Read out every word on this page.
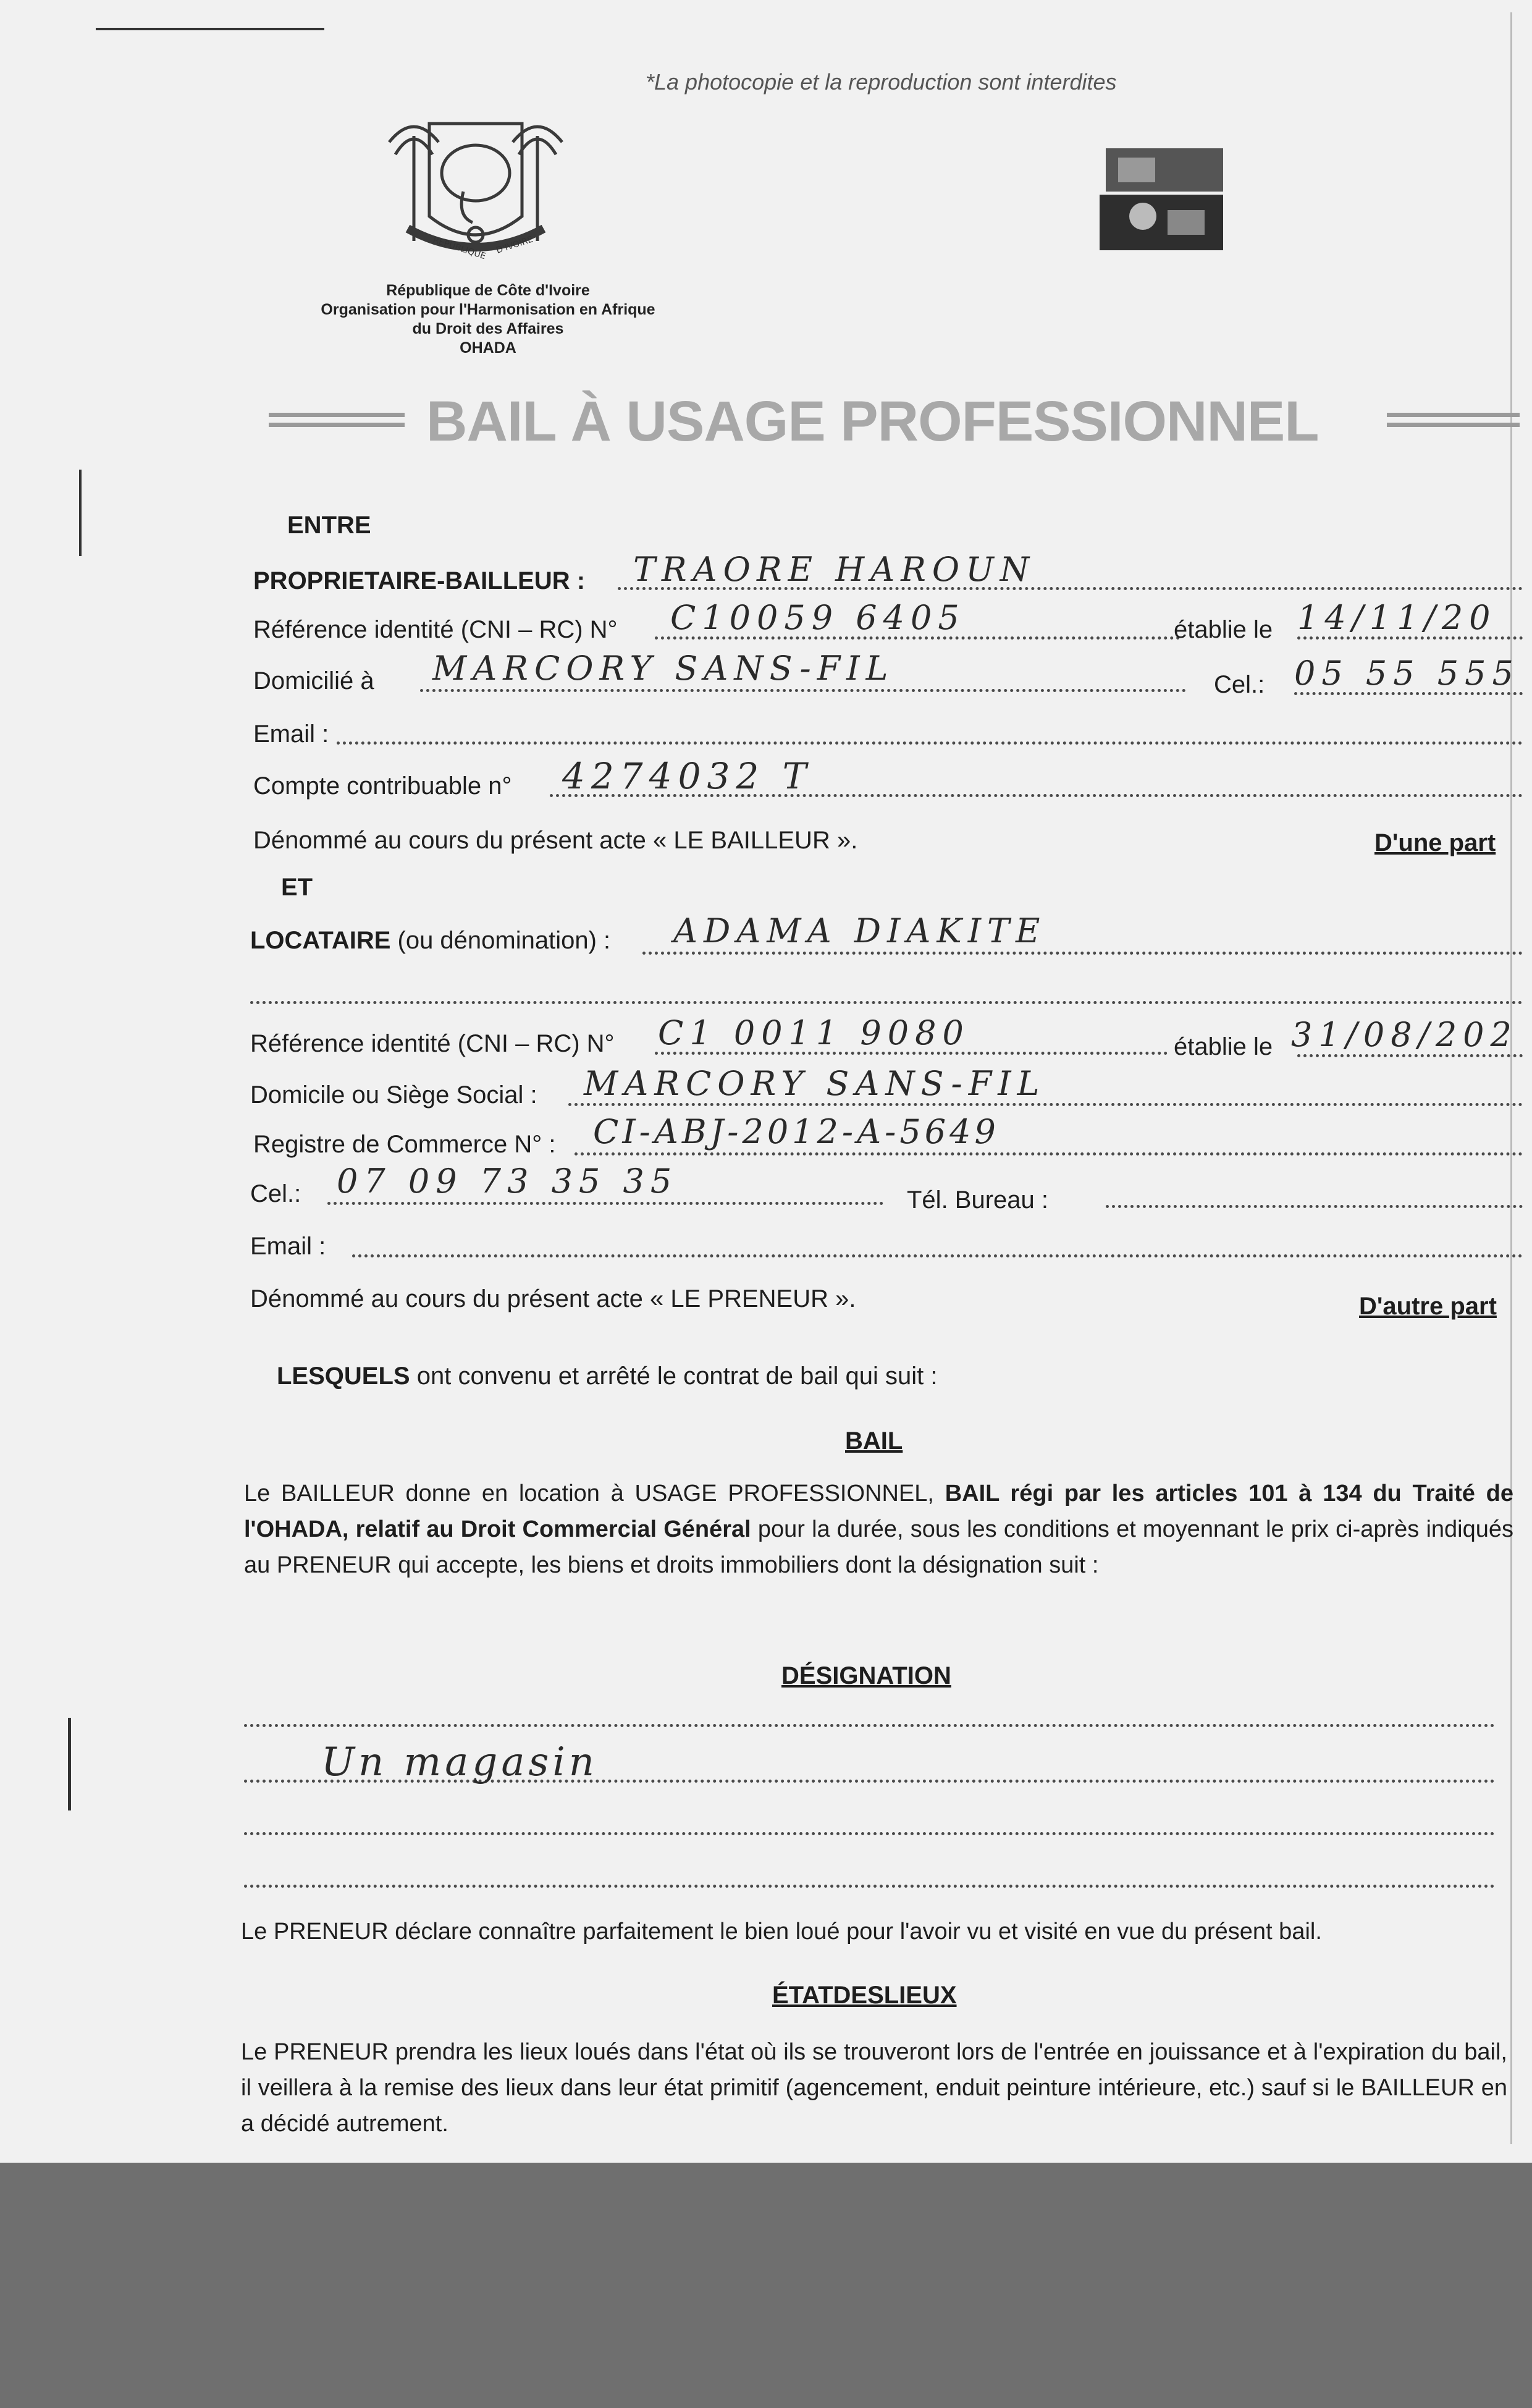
*La photocopie et la reproduction sont interdites
REPUBLIQUE D'IVOIRE
République de Côte d'Ivoire
Organisation pour l'Harmonisation en Afrique
du Droit des Affaires
OHADA
BAIL À USAGE PROFESSIONNEL
ENTRE
PROPRIETAIRE-BAILLEUR : TRAORE HAROUN
Référence identité (CNI – RC) N° C10059 6405	établie le 14/11/20
Domicilié à MARCORY SANS-FIL	Cel.: 05 55 555
Email :
Compte contribuable n° 4274032 T
Dénommé au cours du présent acte « LE BAILLEUR ».	D'une part
ET
LOCATAIRE (ou dénomination) : ADAMA DIAKITE
Référence identité (CNI – RC) N° C1 0011 9080	établie le 31/08/202
Domicile ou Siège Social : MARCORY SANS-FIL
Registre de Commerce N° : CI-ABJ-2012-A-5649
Cel.: 07 09 73 35 35	Tél. Bureau :
Email :
Dénommé au cours du présent acte « LE PRENEUR ».	D'autre part
LESQUELS ont convenu et arrêté le contrat de bail qui suit :
BAIL
Le BAILLEUR donne en location à USAGE PROFESSIONNEL, BAIL régi par les articles 101 à 134 du Traité de l'OHADA, relatif au Droit Commercial Général pour la durée, sous les conditions et moyennant le prix ci-après indiqués au PRENEUR qui accepte, les biens et droits immobiliers dont la désignation suit :
DÉSIGNATION
Un magasin
Le PRENEUR déclare connaître parfaitement le bien loué pour l'avoir vu et visité en vue du présent bail.
ÉTATDESLIEUX
Le PRENEUR prendra les lieux loués dans l'état où ils se trouveront lors de l'entrée en jouissance et à l'expiration du bail, il veillera à la remise des lieux dans leur état primitif (agencement, enduit peinture intérieure, etc.) sauf si le BAILLEUR en a décidé autrement.
